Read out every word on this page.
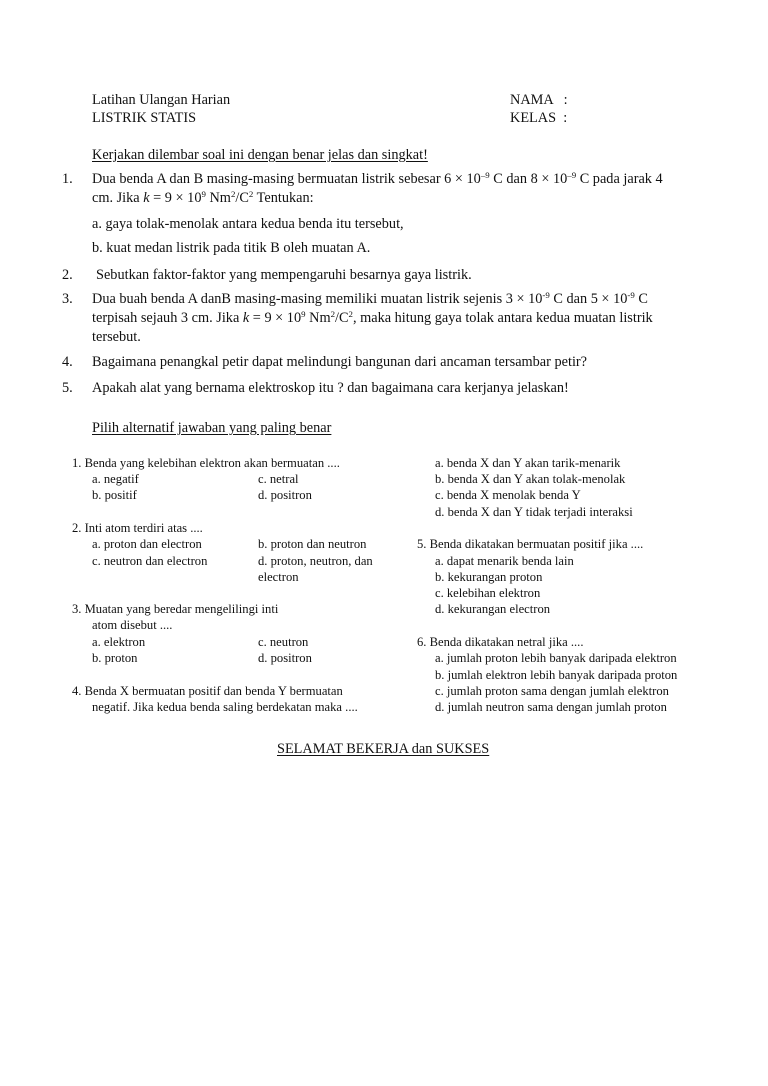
Latihan Ulangan Harian
LISTRIK STATIS
NAMA   :
KELAS  :
Kerjakan dilembar soal ini dengan benar jelas dan singkat!
1. Dua benda A dan B masing-masing bermuatan listrik sebesar $6 \times 10^{-9}$ C dan $8 \times 10^{-9}$ C pada jarak 4
cm. Jika $k = 9 \times 10^9$ $Nm^2/C^2$ Tentukan:
a. gaya tolak-menolak antara kedua benda itu tersebut,
b. kuat medan listrik pada titik B oleh muatan A.
2. Sebutkan faktor-faktor yang mempengaruhi besarnya gaya listrik.
3. Dua buah benda A danB masing-masing memiliki muatan listrik sejenis $3 \times 10^{-9}$ C dan $5 \times 10^{-9}$ C
terpisah sejauh 3 cm. Jika $k = 9 \times 10^9$ $Nm^2/C^2$, maka hitung gaya tolak antara kedua muatan listrik
tersebut.
4. Bagaimana penangkal petir dapat melindungi bangunan dari ancaman tersambar petir?
5. Apakah alat yang bernama elektroskop itu ? dan bagaimana cara kerjanya jelaskan!
Pilih alternatif jawaban yang paling benar
1. Benda yang kelebihan elektron akan bermuatan ....
a. negatif
b. positif
c. netral
d. positron
2. Inti atom terdiri atas ....
a. proton dan electron
c. neutron dan electron
b. proton dan neutron
d. proton, neutron, dan
electron
3. Muatan yang beredar mengelilingi inti
atom disebut ....
a. elektron
b. proton
c. neutron
d. positron
4. Benda X bermuatan positif dan benda Y bermuatan
negatif. Jika kedua benda saling berdekatan maka ....
a. benda X dan Y akan tarik-menarik
b. benda X dan Y akan tolak-menolak
c. benda X menolak benda Y
d. benda X dan Y tidak terjadi interaksi
5. Benda dikatakan bermuatan positif jika ....
a. dapat menarik benda lain
b. kekurangan proton
c. kelebihan elektron
d. kekurangan electron
6. Benda dikatakan netral jika ....
a. jumlah proton lebih banyak daripada elektron
b. jumlah elektron lebih banyak daripada proton
c. jumlah proton sama dengan jumlah elektron
d. jumlah neutron sama dengan jumlah proton
SELAMAT BEKERJA dan SUKSES
